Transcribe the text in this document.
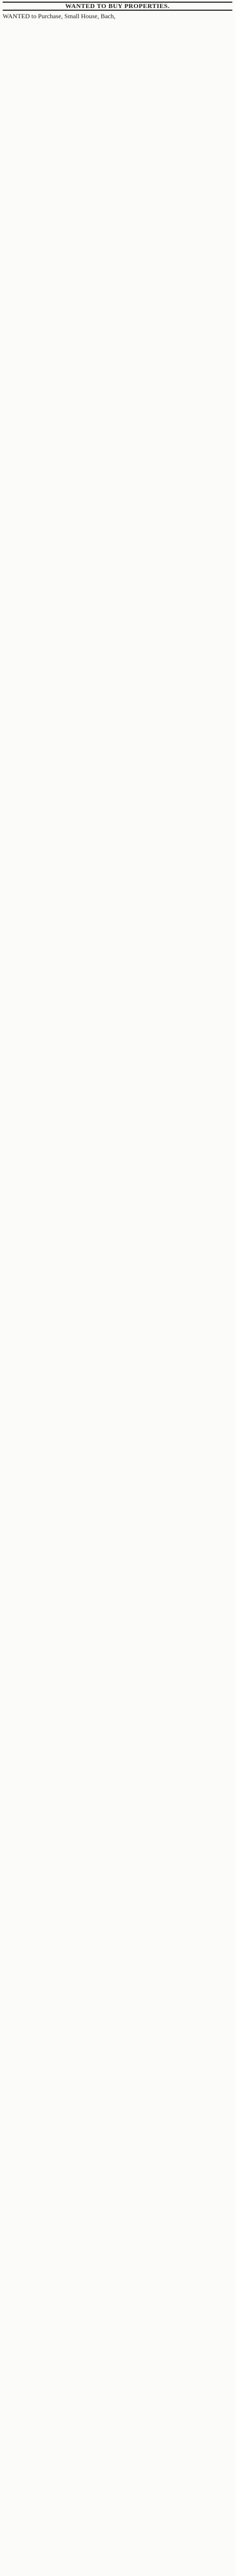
WANTED TO BUY PROPERTIES.
WANTED to Purchase, Small House, Bach,
